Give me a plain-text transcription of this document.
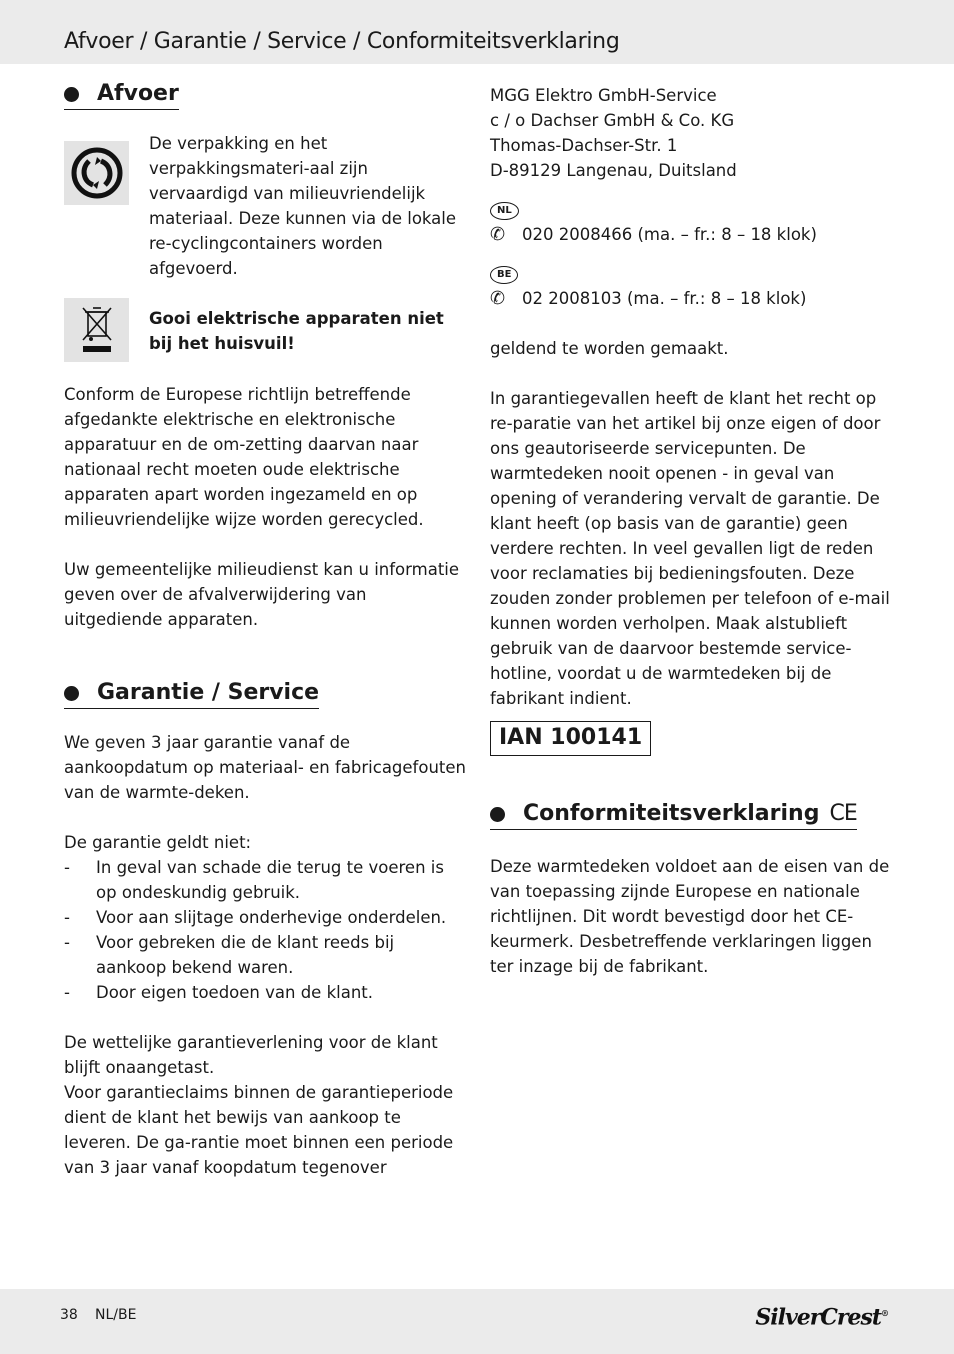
Afvoer / Garantie / Service / Conformiteitsverklaring
Afvoer
De verpakking en het verpakkingsmateri-aal zijn vervaardigd van milieuvriendelijk materiaal. Deze kunnen via de lokale re-cyclingcontainers worden afgevoerd.
Gooi elektrische apparaten niet bij het huisvuil!

Conform de Europese richtlijn betreffende afgedankte elektrische en elektronische apparatuur en de om-zetting daarvan naar nationaal recht moeten oude elektrische apparaten apart worden ingezameld en op milieuvriendelijke wijze worden gerecycled.

Uw gemeentelijke milieudienst kan u informatie geven over de afvalverwijdering van uitgediende apparaten.

Garantie / Service

We geven 3 jaar garantie vanaf de aankoopdatum op materiaal- en fabricagefouten van de warmte-deken.

De garantie geldt niet:

- In geval van schade die terug te voeren is op ondeskundig gebruik.
- Voor aan slijtage onderhevige onderdelen.
- Voor gebreken die de klant reeds bij aankoop bekend waren.
- Door eigen toedoen van de klant.

De wettelijke garantieverlening voor de klant blijft onaangetast.

Voor garantieclaims binnen de garantieperiode dient de klant het bewijs van aankoop te leveren. De ga-rantie moet binnen een periode van 3 jaar vanaf koopdatum tegenover

MGG Elektro GmbH-Service
c / o Dachser GmbH & Co. KG
Thomas-Dachser-Str. 1
D-89129 Langenau, Duitsland
NL
✆	020 2008466 (ma. – fr.: 8 – 18 klok)
BE
✆	02 2008103 (ma. – fr.: 8 – 18 klok)

geldend te worden gemaakt.

In garantiegevallen heeft de klant het recht op re-paratie van het artikel bij onze eigen of door ons geautoriseerde servicepunten. De warmtedeken nooit openen - in geval van opening of verandering vervalt de garantie. De klant heeft (op basis van de garantie) geen verdere rechten. In veel gevallen ligt de reden voor reclamaties bij bedieningsfouten. Deze zouden zonder problemen per telefoon of e-mail kunnen worden verholpen. Maak alstublieft gebruik van de daarvoor bestemde service-hotline, voordat u de warmtedeken bij de fabrikant indient.

IAN 100141
Conformiteitsverklaring CE

Deze warmtedeken voldoet aan de eisen van de van toepassing zijnde Europese en nationale richtlijnen. Dit wordt bevestigd door het CE-keurmerk. Desbetreffende verklaringen liggen ter inzage bij de fabrikant.

38 NL/BE	SilverCrest®
